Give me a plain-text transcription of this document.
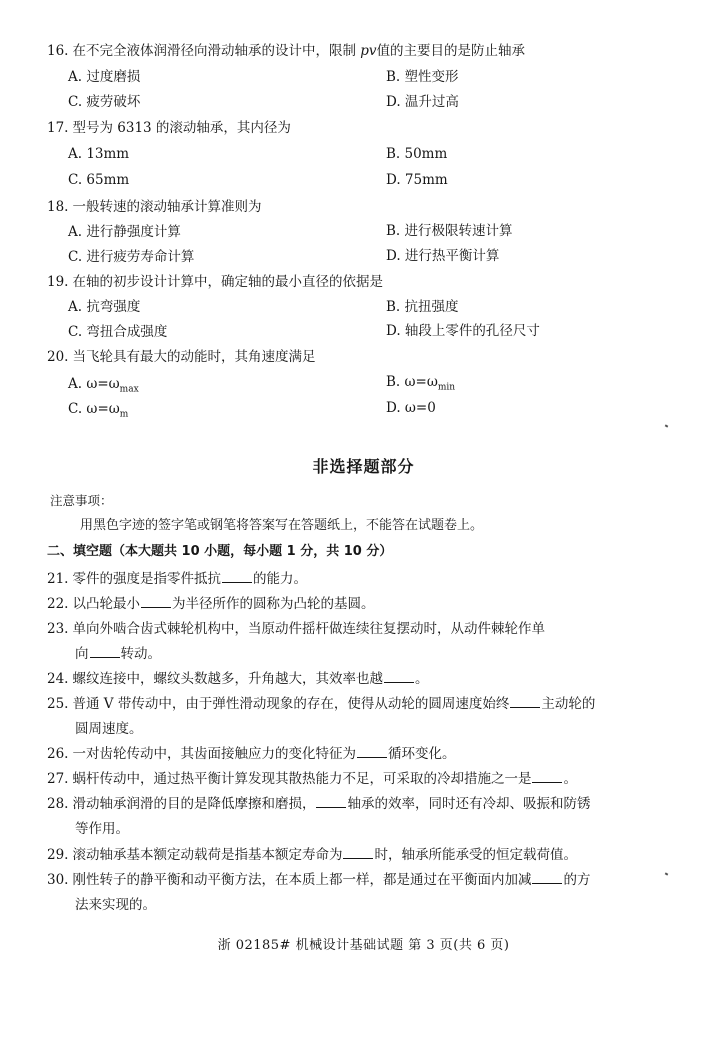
16. 在不完全液体润滑径向滑动轴承的设计中，限制 pv值的主要目的是防止轴承
A. 过度磨损	B. 塑性变形
C. 疲劳破坏	D. 温升过高
17. 型号为 6313 的滚动轴承，其内径为
A. 13mm	B. 50mm
C. 65mm	D. 75mm
18. 一般转速的滚动轴承计算准则为
A. 进行静强度计算	B. 进行极限转速计算
C. 进行疲劳寿命计算	D. 进行热平衡计算
19. 在轴的初步设计计算中，确定轴的最小直径的依据是
A. 抗弯强度	B. 抗扭强度
C. 弯扭合成强度	D. 轴段上零件的孔径尺寸
20. 当飞轮具有最大的动能时，其角速度满足
A. $\omega=\omega_{max}$	B. $\omega=\omega_{min}$
C. $\omega=\omega_m$	D. ω=0
非选择题部分
注意事项：
用黑色字迹的签字笔或钢笔将答案写在答题纸上，不能答在试题卷上。
二、填空题（本大题共 10 小题，每小题 1 分，共 10 分）
21. 零件的强度是指零件抵抗 的能力。
22. 以凸轮最小 为半径所作的圆称为凸轮的基圆。
23. 单向外啮合齿式棘轮机构中，当原动件摇杆做连续往复摆动时，从动件棘轮作单
向 转动。
24. 螺纹连接中，螺纹头数越多，升角越大，其效率也越 。
25. 普通 V 带传动中，由于弹性滑动现象的存在，使得从动轮的圆周速度始终 主动轮的
圆周速度。
26. 一对齿轮传动中，其齿面接触应力的变化特征为 循环变化。
27. 蜗杆传动中，通过热平衡计算发现其散热能力不足，可采取的冷却措施之一是 。
28. 滑动轴承润滑的目的是降低摩擦和磨损， 轴承的效率，同时还有冷却、吸振和防锈
等作用。
29. 滚动轴承基本额定动载荷是指基本额定寿命为 时，轴承所能承受的恒定载荷值。
30. 刚性转子的静平衡和动平衡方法，在本质上都一样，都是通过在平衡面内加减 的方
法来实现的。
浙 02185# 机械设计基础试题 第 3 页(共 6 页)
